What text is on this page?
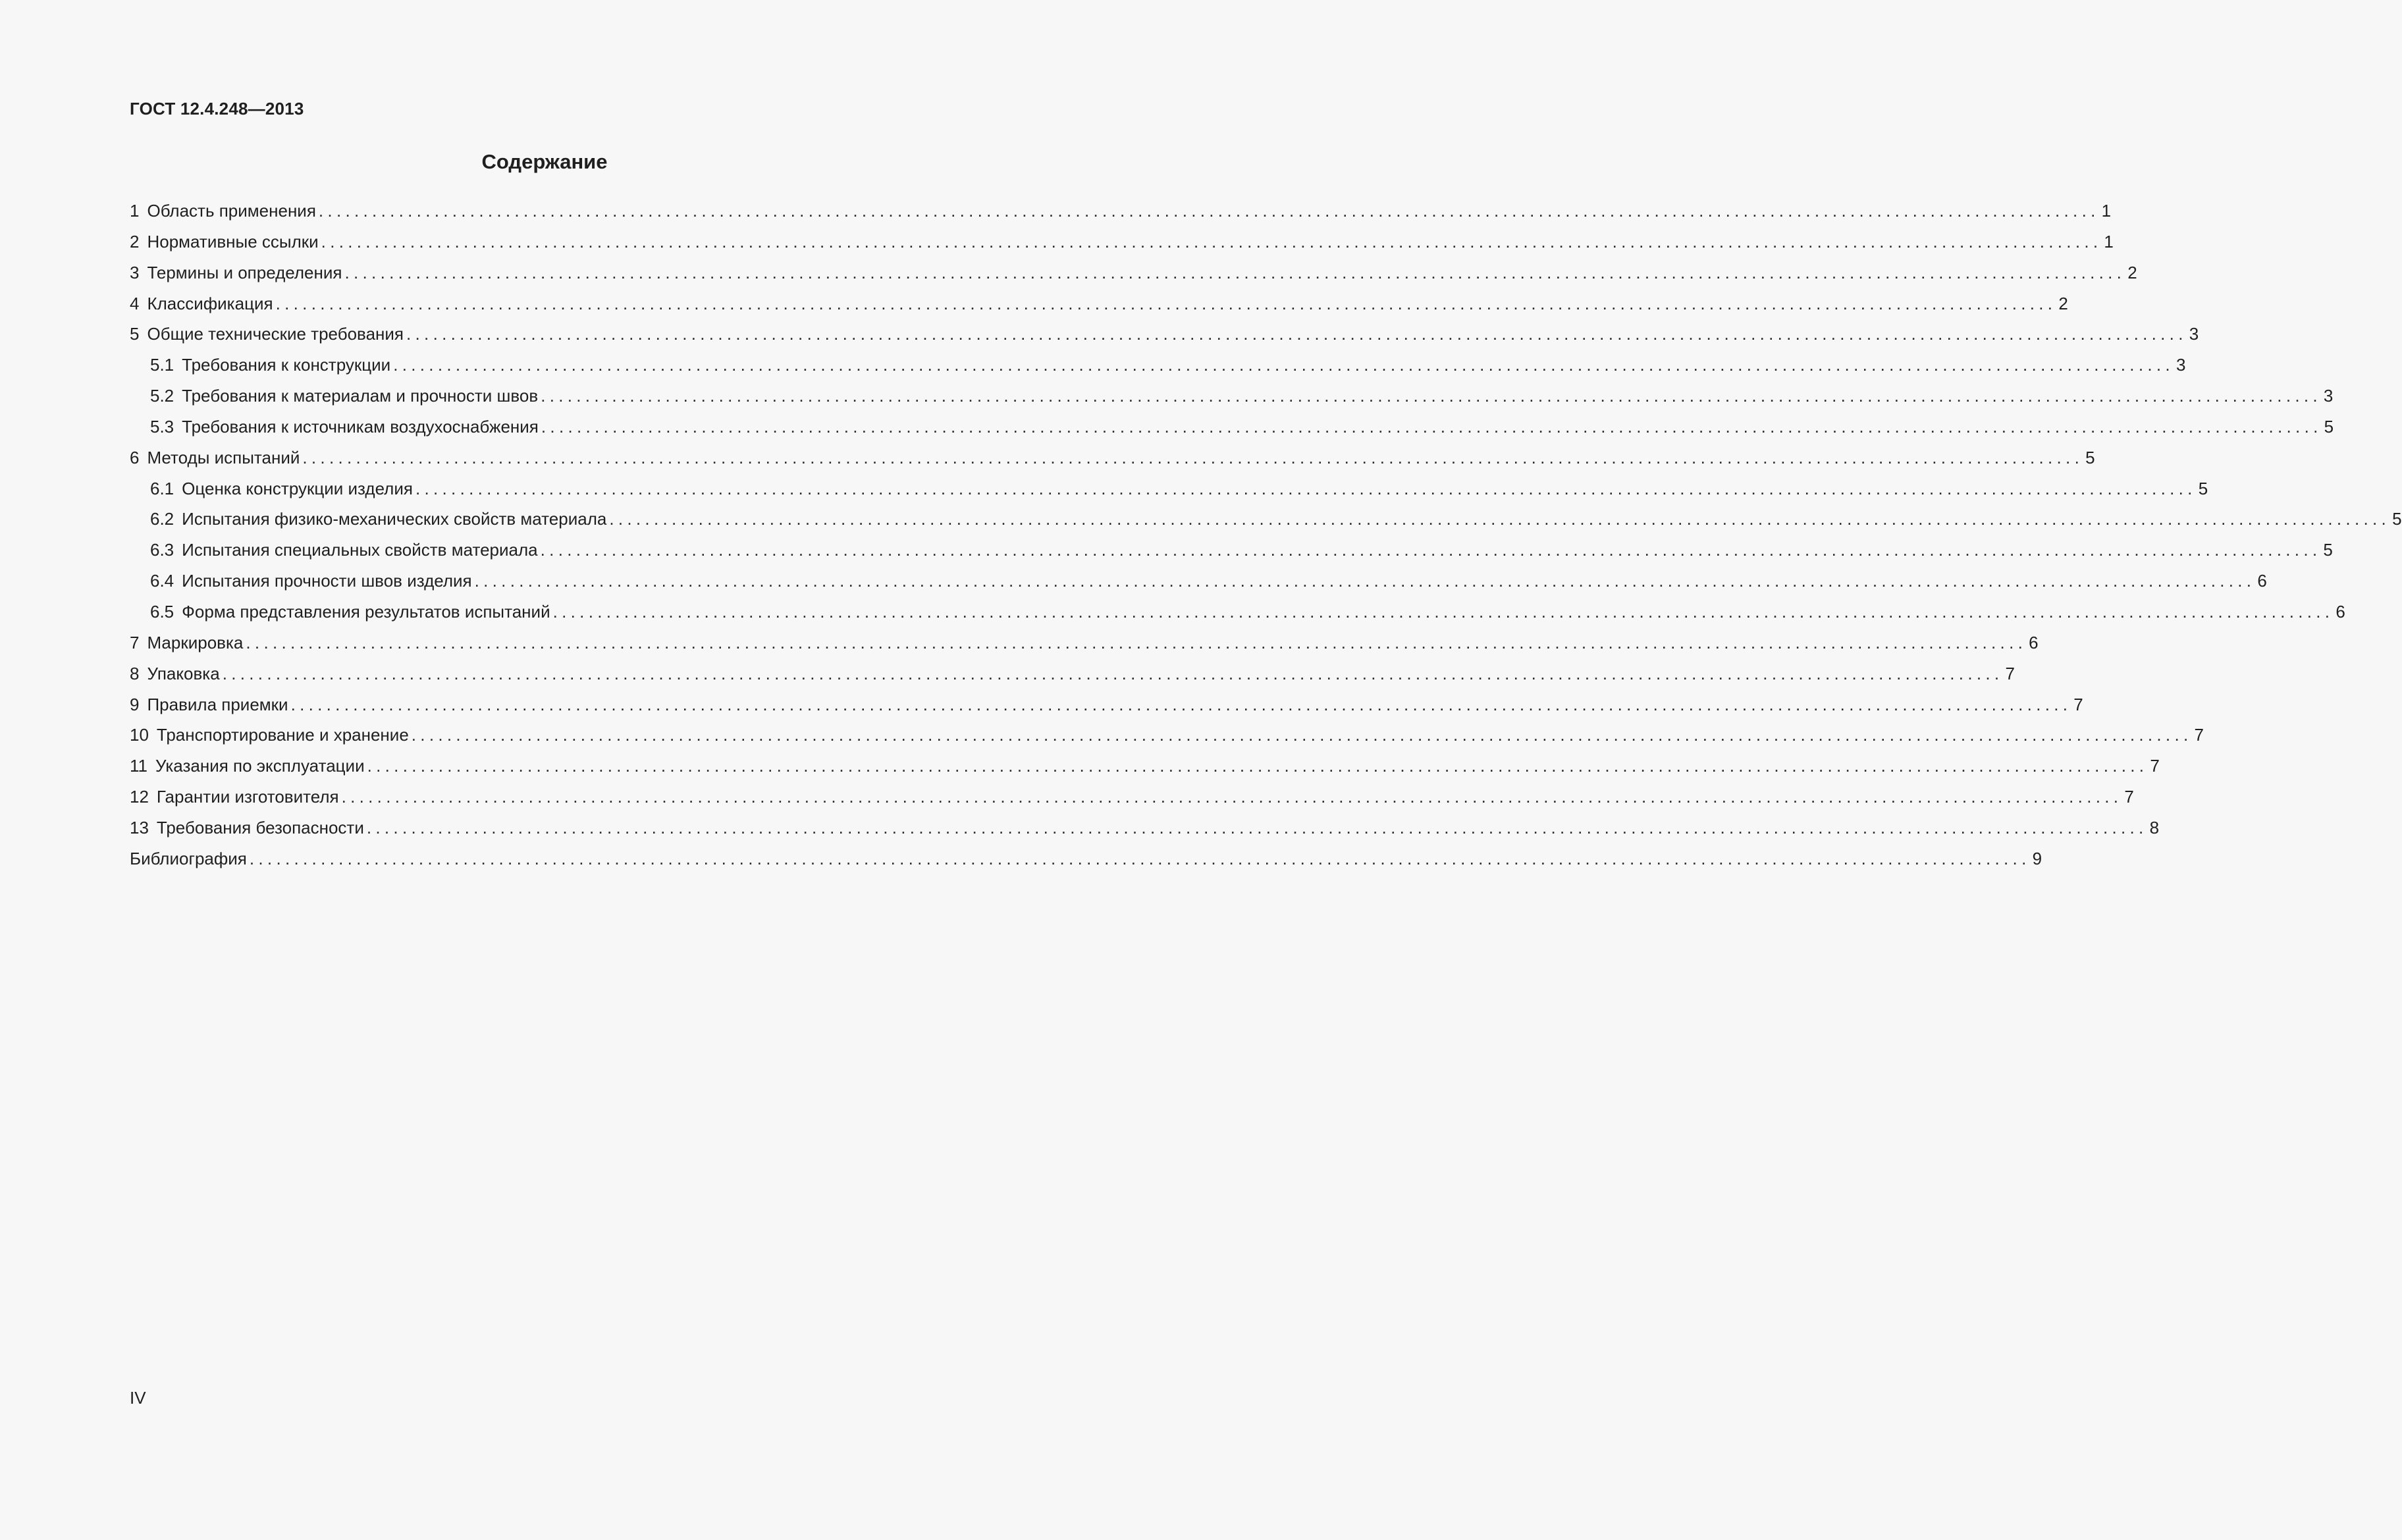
ГОСТ 12.4.248—2013
Содержание
1 Область применения ........................................................................................................................................................................................................ 1
2 Нормативные ссылки ........................................................................................................................................................................................................ 1
3 Термины и определения ........................................................................................................................................................................................................ 2
4 Классификация ........................................................................................................................................................................................................ 2
5 Общие технические требования ........................................................................................................................................................................................................ 3
5.1 Требования к конструкции ........................................................................................................................................................................................................ 3
5.2 Требования к материалам и прочности швов ........................................................................................................................................................................................................ 3
5.3 Требования к источникам воздухоснабжения ........................................................................................................................................................................................................ 5
6 Методы испытаний ........................................................................................................................................................................................................ 5
6.1 Оценка конструкции изделия ........................................................................................................................................................................................................ 5
6.2 Испытания физико-механических свойств материала ........................................................................................................................................................................................................ 5
6.3 Испытания специальных свойств материала ........................................................................................................................................................................................................ 5
6.4 Испытания прочности швов изделия ........................................................................................................................................................................................................ 6
6.5 Форма представления результатов испытаний ........................................................................................................................................................................................................ 6
7 Маркировка ........................................................................................................................................................................................................ 6
8 Упаковка ........................................................................................................................................................................................................ 7
9 Правила приемки ........................................................................................................................................................................................................ 7
10 Транспортирование и хранение ........................................................................................................................................................................................................ 7
11 Указания по эксплуатации ........................................................................................................................................................................................................ 7
12 Гарантии изготовителя ........................................................................................................................................................................................................ 7
13 Требования безопасности ........................................................................................................................................................................................................ 8
Библиография ........................................................................................................................................................................................................ 9
IV
